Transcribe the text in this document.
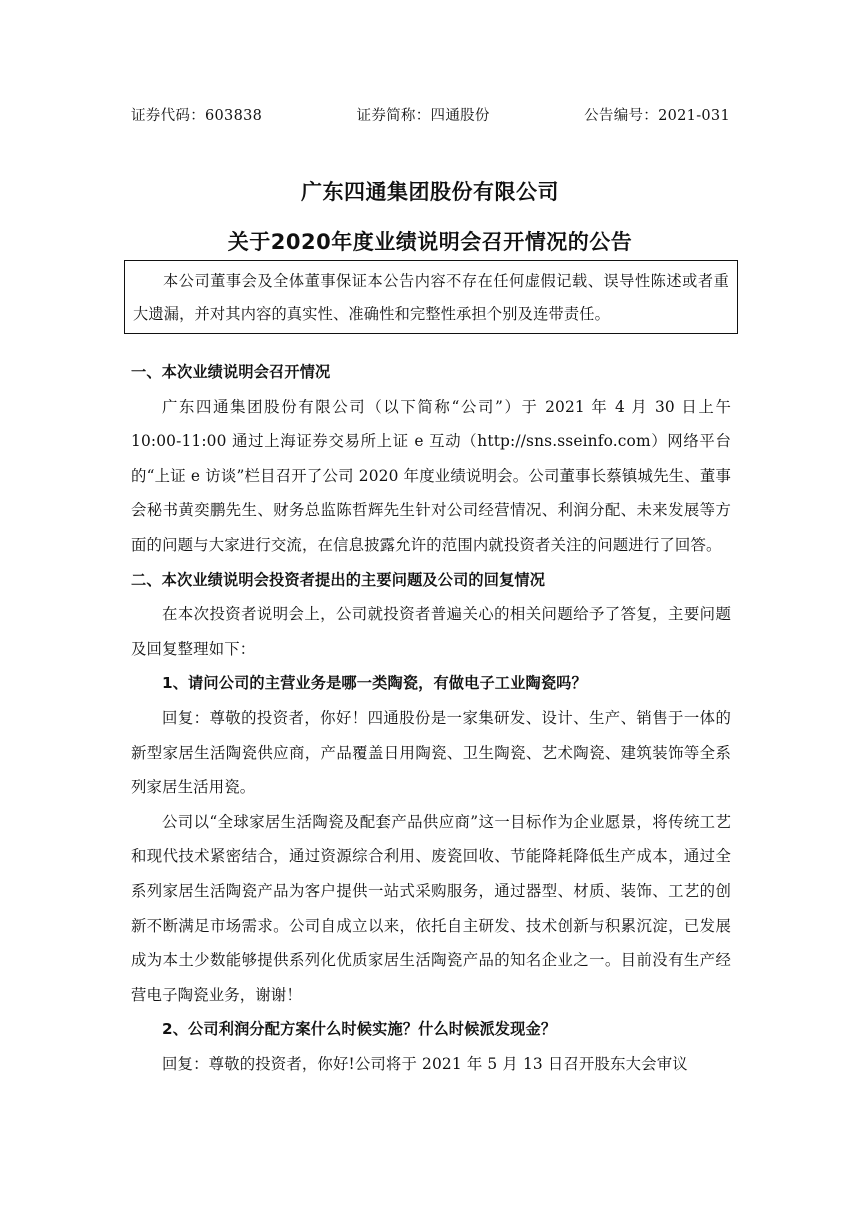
证券代码：603838	证券简称：四通股份	公告编号：2021-031
广东四通集团股份有限公司
关于2020年度业绩说明会召开情况的公告
本公司董事会及全体董事保证本公告内容不存在任何虚假记载、误导性陈述或者重大遗漏，并对其内容的真实性、准确性和完整性承担个别及连带责任。

一、本次业绩说明会召开情况

广东四通集团股份有限公司（以下简称“公司”）于 2021 年 4 月 30 日上午 10:00-11:00 通过上海证券交易所上证 e 互动（http://sns.sseinfo.com）网络平台的“上证 e 访谈”栏目召开了公司 2020 年度业绩说明会。公司董事长蔡镇城先生、董事会秘书黄奕鹏先生、财务总监陈哲辉先生针对公司经营情况、利润分配、未来发展等方面的问题与大家进行交流，在信息披露允许的范围内就投资者关注的问题进行了回答。

二、本次业绩说明会投资者提出的主要问题及公司的回复情况

在本次投资者说明会上，公司就投资者普遍关心的相关问题给予了答复，主要问题及回复整理如下：

1、请问公司的主营业务是哪一类陶瓷，有做电子工业陶瓷吗？

回复：尊敬的投资者，你好！四通股份是一家集研发、设计、生产、销售于一体的新型家居生活陶瓷供应商，产品覆盖日用陶瓷、卫生陶瓷、艺术陶瓷、建筑装饰等全系列家居生活用瓷。

公司以“全球家居生活陶瓷及配套产品供应商”这一目标作为企业愿景，将传统工艺和现代技术紧密结合，通过资源综合利用、废瓷回收、节能降耗降低生产成本，通过全系列家居生活陶瓷产品为客户提供一站式采购服务，通过器型、材质、装饰、工艺的创新不断满足市场需求。公司自成立以来，依托自主研发、技术创新与积累沉淀，已发展成为本土少数能够提供系列化优质家居生活陶瓷产品的知名企业之一。目前没有生产经营电子陶瓷业务，谢谢！

2、公司利润分配方案什么时候实施？什么时候派发现金？

回复：尊敬的投资者，你好!公司将于 2021 年 5 月 13 日召开股东大会审议
